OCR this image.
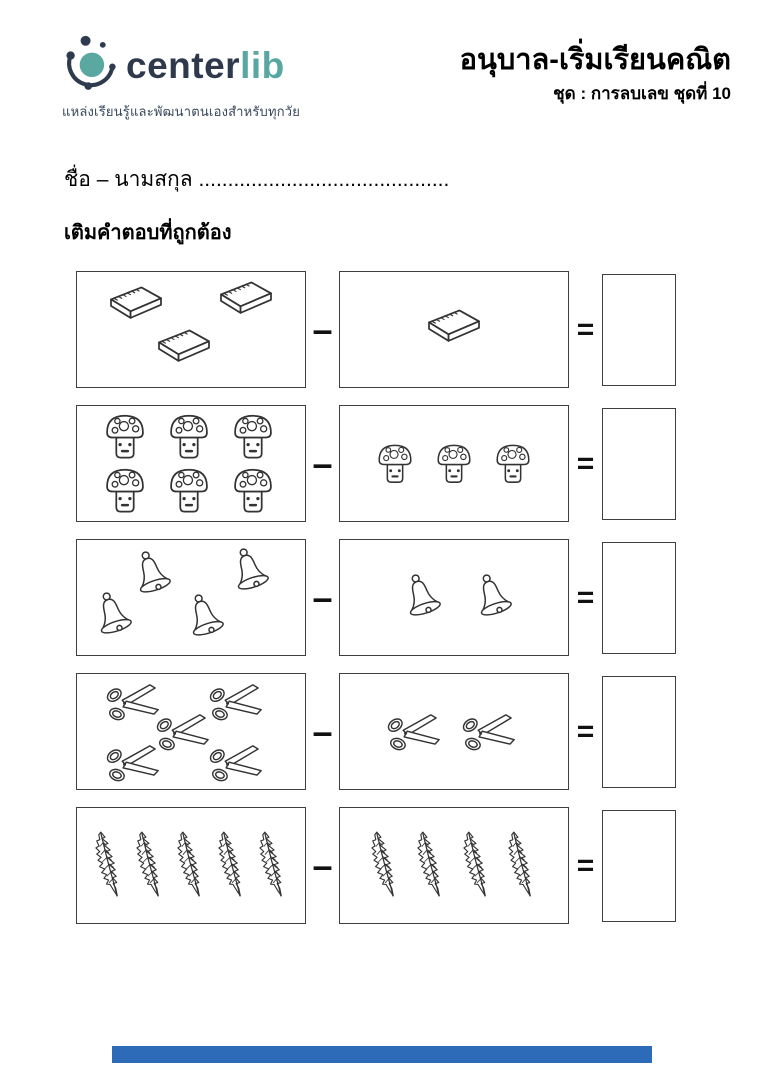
centerlib
แหล่งเรียนรู้และพัฒนาตนเองสำหรับทุกวัย
อนุบาล-เริ่มเรียนคณิต
ชุด : การลบเลข ชุดที่ 10
ชื่อ – นามสกุล ...........................................
เติมคำตอบที่ถูกต้อง
–	=
–	=
–	=
–	=
–	=
